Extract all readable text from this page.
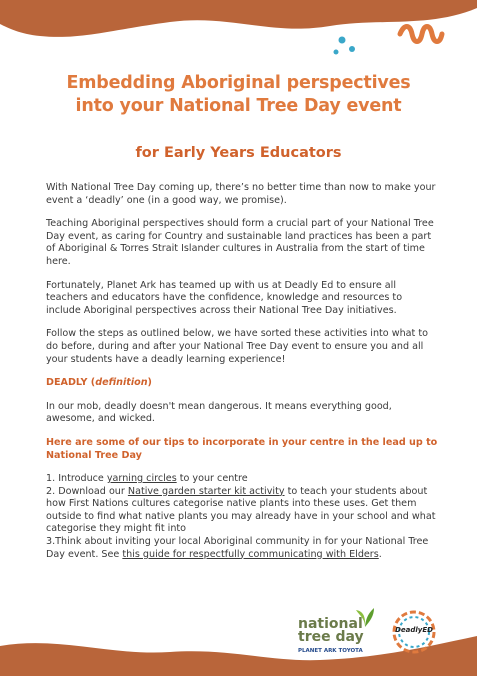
Embedding Aboriginal perspectives
into your National Tree Day event
for Early Years Educators

With National Tree Day coming up, there’s no better time than now to make your event a ‘deadly’ one (in a good way, we promise).

Teaching Aboriginal perspectives should form a crucial part of your National Tree Day event, as caring for Country and sustainable land practices has been a part of Aboriginal & Torres Strait Islander cultures in Australia from the start of time here.

Fortunately, Planet Ark has teamed up with us at Deadly Ed to ensure all teachers and educators have the confidence, knowledge and resources to include Aboriginal perspectives across their National Tree Day initiatives.

Follow the steps as outlined below, we have sorted these activities into what to do before, during and after your National Tree Day event to ensure you and all your students have a deadly learning experience!

DEADLY (definition)

In our mob, deadly doesn't mean dangerous. It means everything good, awesome, and wicked.

Here are some of our tips to incorporate in your centre in the lead up to National Tree Day

1. Introduce yarning circles to your centre

2. Download our Native garden starter kit activity to teach your students about how First Nations cultures categorise native plants into these uses. Get them outside to find what native plants you may already have in your school and what categorise they might fit into

3.Think about inviting your local Aboriginal community in for your National Tree Day event. See this guide for respectfully communicating with Elders.

national
tree day
PLANET ARK TOYOTA
DeadlyED
